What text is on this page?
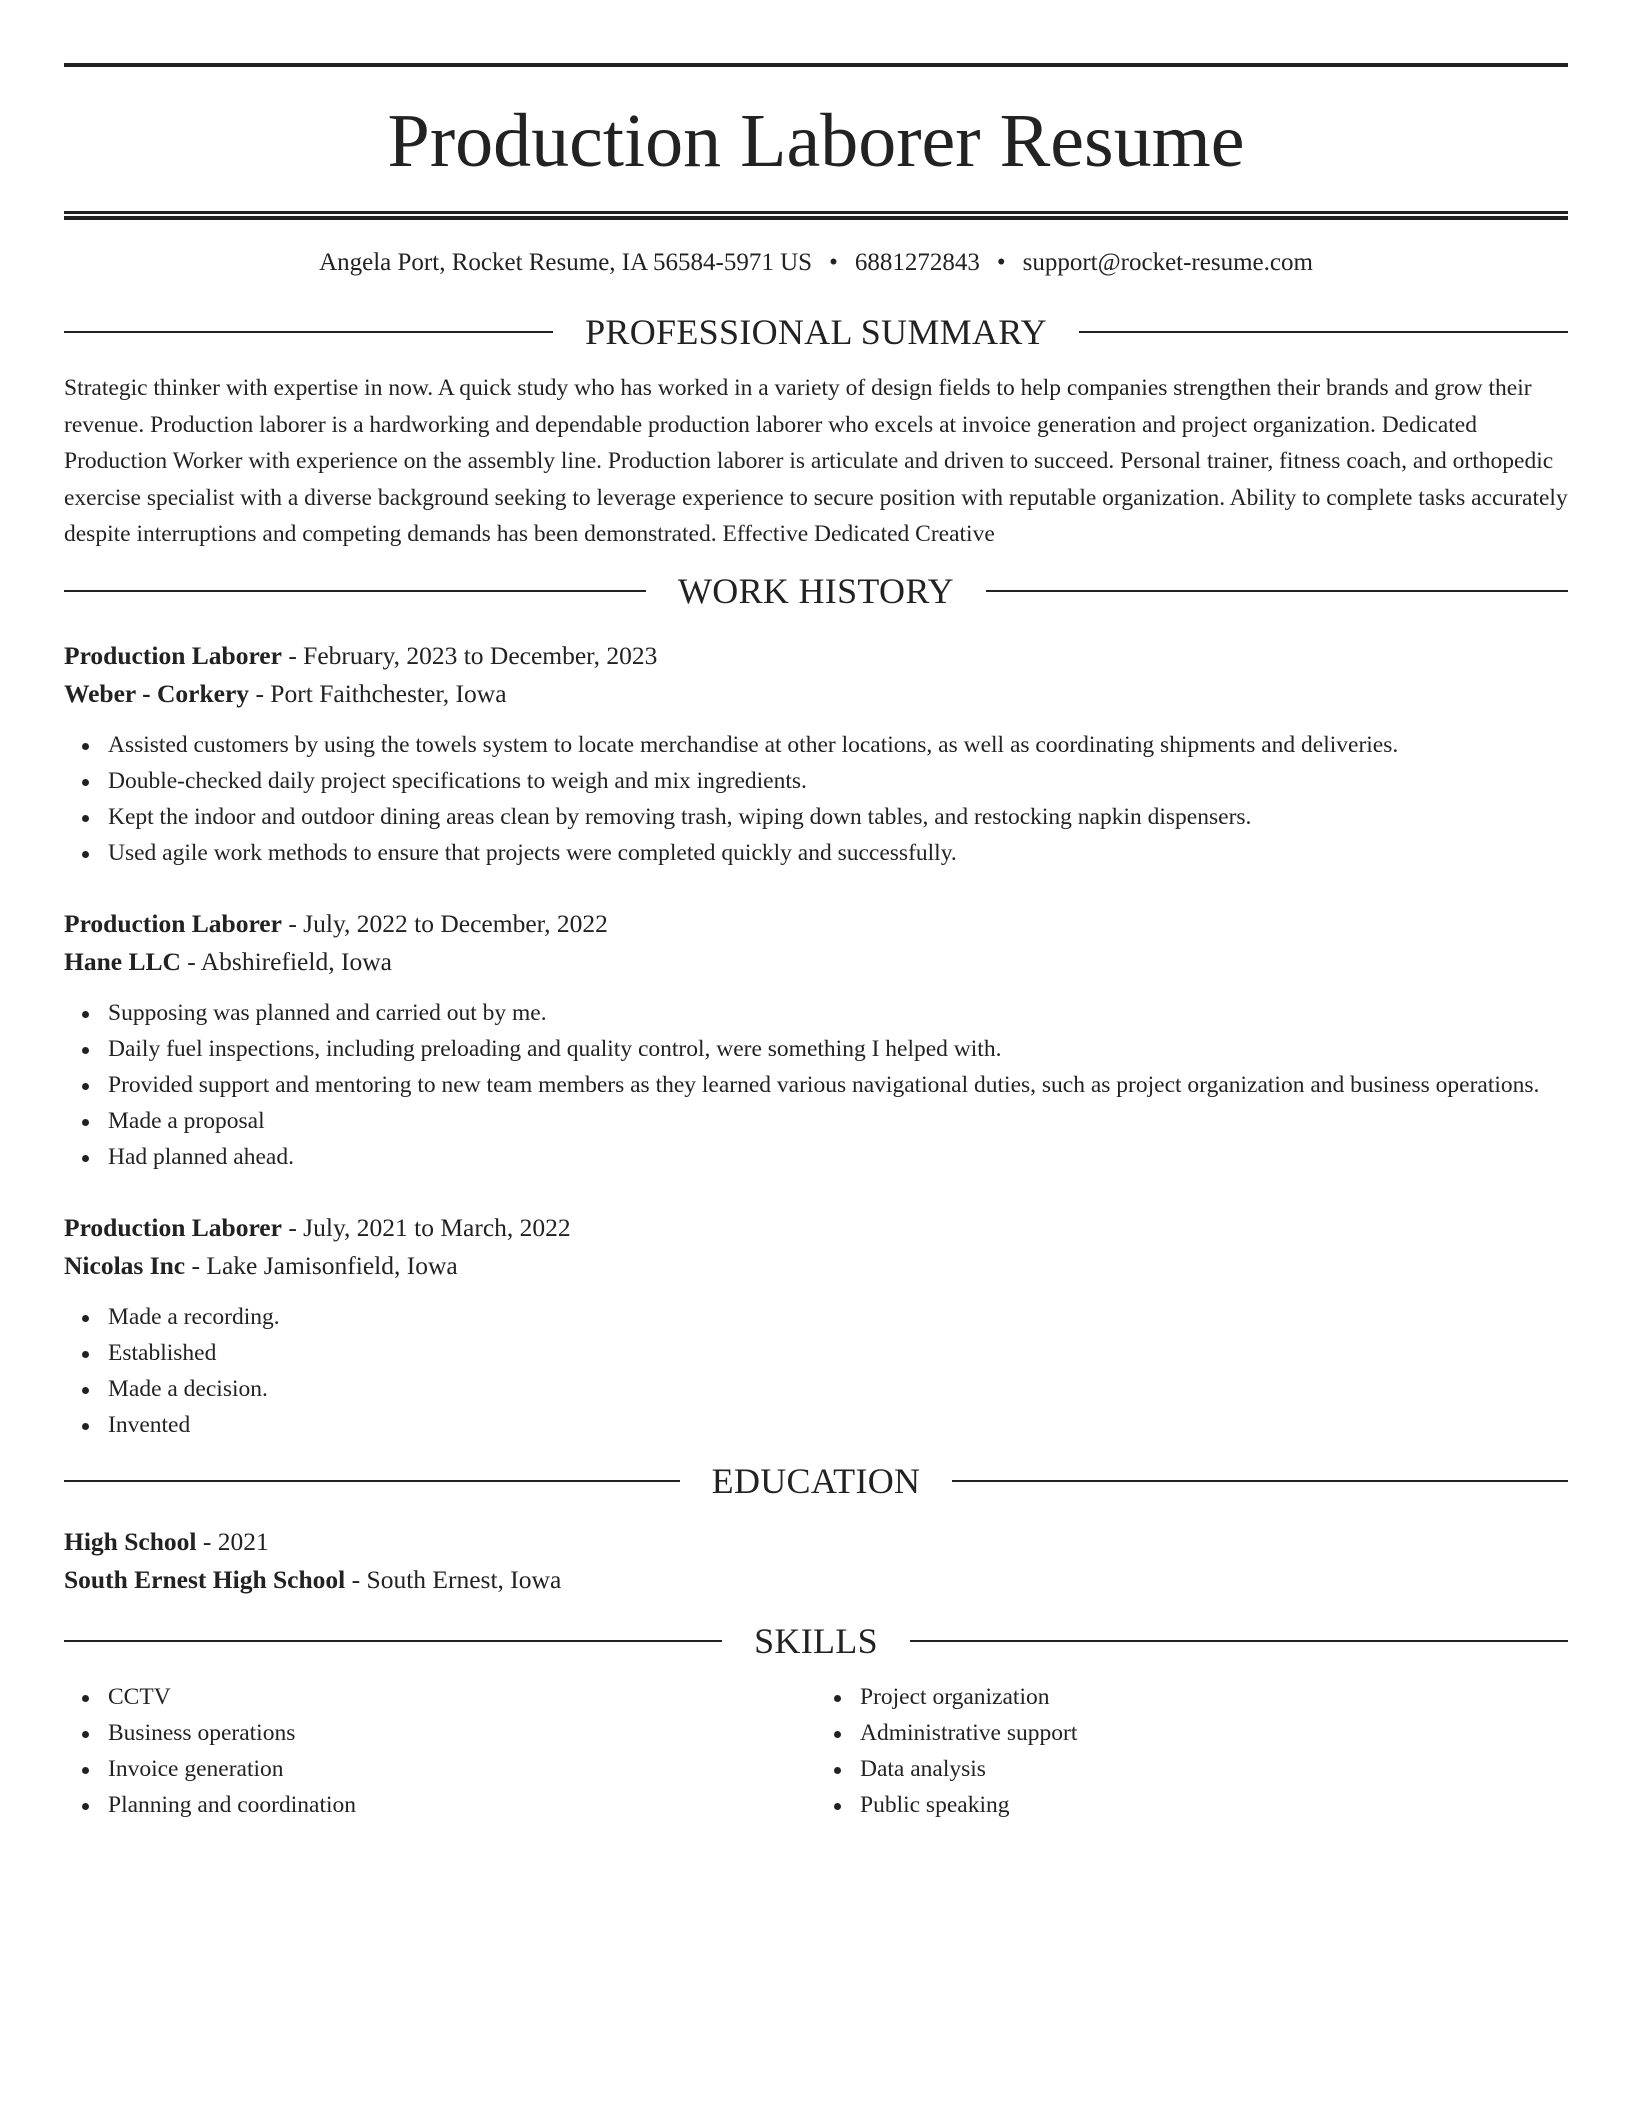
Production Laborer Resume
Angela Port, Rocket Resume, IA 56584-5971 US • 6881272843 • support@rocket-resume.com
PROFESSIONAL SUMMARY

Strategic thinker with expertise in now. A quick study who has worked in a variety of design fields to help companies strengthen their brands and grow their revenue. Production laborer is a hardworking and dependable production laborer who excels at invoice generation and project organization. Dedicated Production Worker with experience on the assembly line. Production laborer is articulate and driven to succeed. Personal trainer, fitness coach, and orthopedic exercise specialist with a diverse background seeking to leverage experience to secure position with reputable organization. Ability to complete tasks accurately despite interruptions and competing demands has been demonstrated. Effective Dedicated Creative

WORK HISTORY
Production Laborer - February, 2023 to December, 2023
Weber - Corkery - Port Faithchester, Iowa
Assisted customers by using the towels system to locate merchandise at other locations, as well as coordinating shipments and deliveries.
Double-checked daily project specifications to weigh and mix ingredients.
Kept the indoor and outdoor dining areas clean by removing trash, wiping down tables, and restocking napkin dispensers.
Used agile work methods to ensure that projects were completed quickly and successfully.
Production Laborer - July, 2022 to December, 2022
Hane LLC - Abshirefield, Iowa
Supposing was planned and carried out by me.
Daily fuel inspections, including preloading and quality control, were something I helped with.
Provided support and mentoring to new team members as they learned various navigational duties, such as project organization and business operations.
Made a proposal
Had planned ahead.
Production Laborer - July, 2021 to March, 2022
Nicolas Inc - Lake Jamisonfield, Iowa
Made a recording.
Established
Made a decision.
Invented
EDUCATION
High School - 2021
South Ernest High School - South Ernest, Iowa
SKILLS
CCTV
Business operations
Invoice generation
Planning and coordination
Project organization
Administrative support
Data analysis
Public speaking
